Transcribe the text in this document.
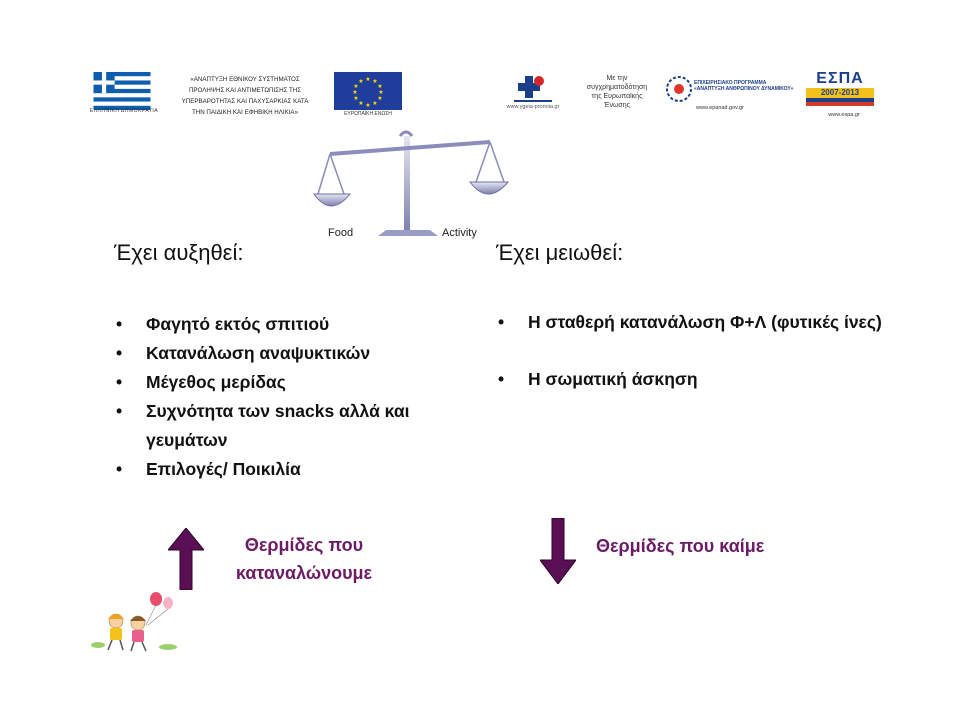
ΕΛΛΗΝΙΚΗ ΔΗΜΟΚΡΑΤΙΑ
«ΑΝΑΠΤΥΞΗ ΕΘΝΙΚΟΥ ΣΥΣΤΗΜΑΤΟΣ
ΠΡΟΛΗΨΗΣ ΚΑΙ ΑΝΤΙΜΕΤΩΠΙΣΗΣ ΤΗΣ
ΥΠΕΡΒΑΡΟΤΗΤΑΣ ΚΑΙ ΠΑΧΥΣΑΡΚΙΑΣ ΚΑΤΑ
ΤΗΝ ΠΑΙΔΙΚΗ ΚΑΙ ΕΦΗΒΙΚΗ ΗΛΙΚΙΑ»
★ ★
★
★
★
★
★
★
★
★
★
★
ΕΥΡΩΠΑΪΚΗ ΕΝΩΣΗ
www.ygeia-pronoia.gr
Με την
συγχρηματοδότηση
της Ευρωπαϊκής
Ένωσης
ΕΠΙΧΕΙΡΗΣΙΑΚΟ ΠΡΟΓΡΑΜΜΑ
«ΑΝΑΠΤΥΞΗ ΑΝΘΡΩΠΙΝΟΥ ΔΥΝΑΜΙΚΟΥ»
www.epanad.gov.gr
ΕΣΠΑ
2007-2013
www.espa.gr
Food	Activity
Έχει αυξηθεί:	Έχει μειωθεί:
• Φαγητό εκτός σπιτιού
• Κατανάλωση αναψυκτικών
• Μέγεθος μερίδας
• Συχνότητα των snacks αλλά και γευμάτων
• Επιλογές/ Ποικιλία
• Η σταθερή κατανάλωση Φ+Λ (φυτικές ίνες)
• Η σωματική άσκηση
Θερμίδες που
καταναλώνουμε
Θερμίδες που καίμε
